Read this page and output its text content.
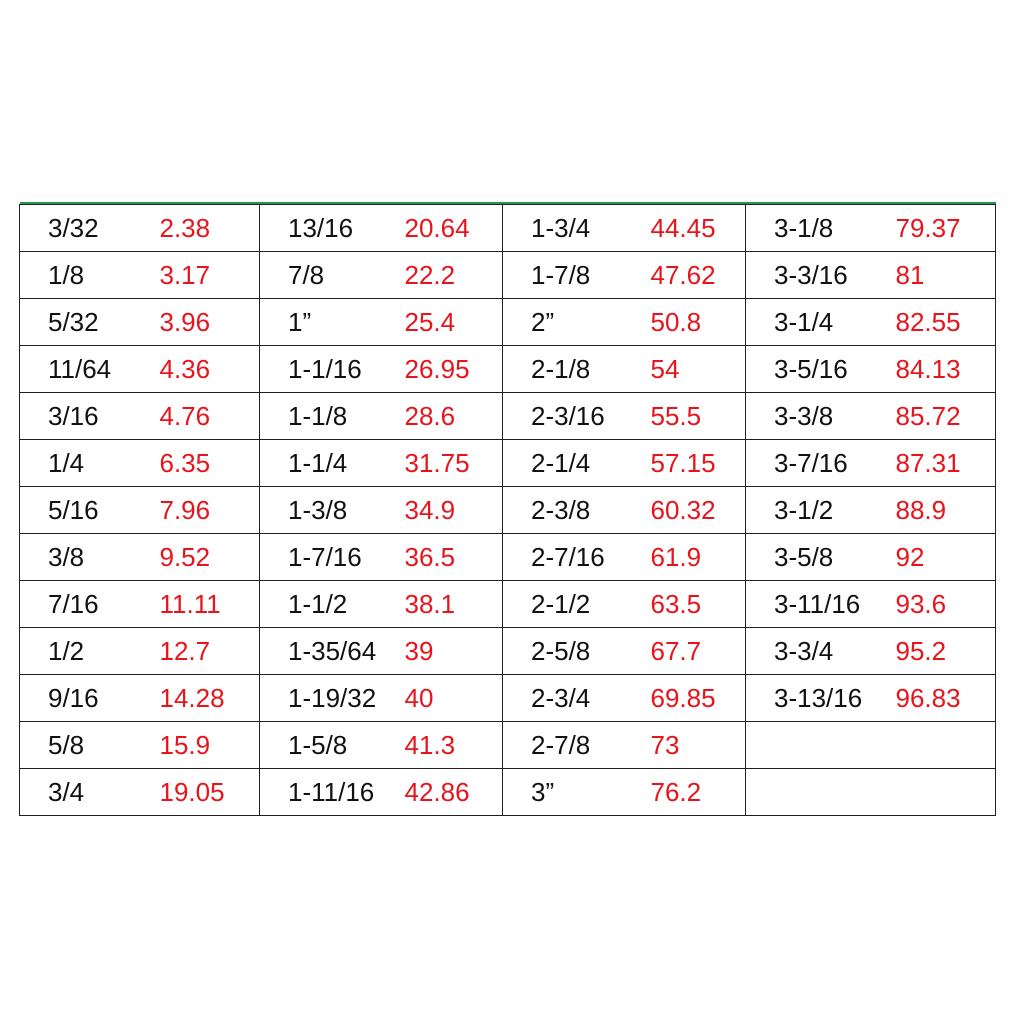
3/32	2.38	13/16	20.64	1-3/4	44.45	3-1/8	79.37
1/8	3.17	7/8	22.2	1-7/8	47.62	3-3/16	81
5/32	3.96	1”	25.4	2”	50.8	3-1/4	82.55
11/64	4.36	1-1/16	26.95	2-1/8	54	3-5/16	84.13
3/16	4.76	1-1/8	28.6	2-3/16	55.5	3-3/8	85.72
1/4	6.35	1-1/4	31.75	2-1/4	57.15	3-7/16	87.31
5/16	7.96	1-3/8	34.9	2-3/8	60.32	3-1/2	88.9
3/8	9.52	1-7/16	36.5	2-7/16	61.9	3-5/8	92
7/16	11.11	1-1/2	38.1	2-1/2	63.5	3-11/16	93.6
1/2	12.7	1-35/64	39	2-5/8	67.7	3-3/4	95.2
9/16	14.28	1-19/32	40	2-3/4	69.85	3-13/16	96.83
5/8	15.9	1-5/8	41.3	2-7/8	73		
3/4	19.05	1-11/16	42.86	3”	76.2		
